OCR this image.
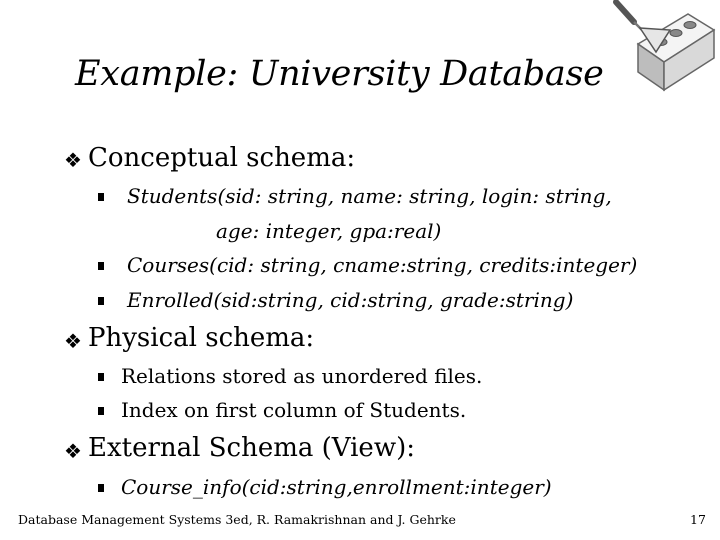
Example: University Database
❖ Conceptual schema:
Students(sid: string, name: string, login: string,
age: integer, gpa:real)
Courses(cid: string, cname:string, credits:integer)
Enrolled(sid:string, cid:string, grade:string)
❖ Physical schema:
Relations stored as unordered files.
Index on first column of Students.
❖ External Schema (View):
Course_info(cid:string,enrollment:integer)
Database Management Systems 3ed, R. Ramakrishnan and J. Gehrke	17
